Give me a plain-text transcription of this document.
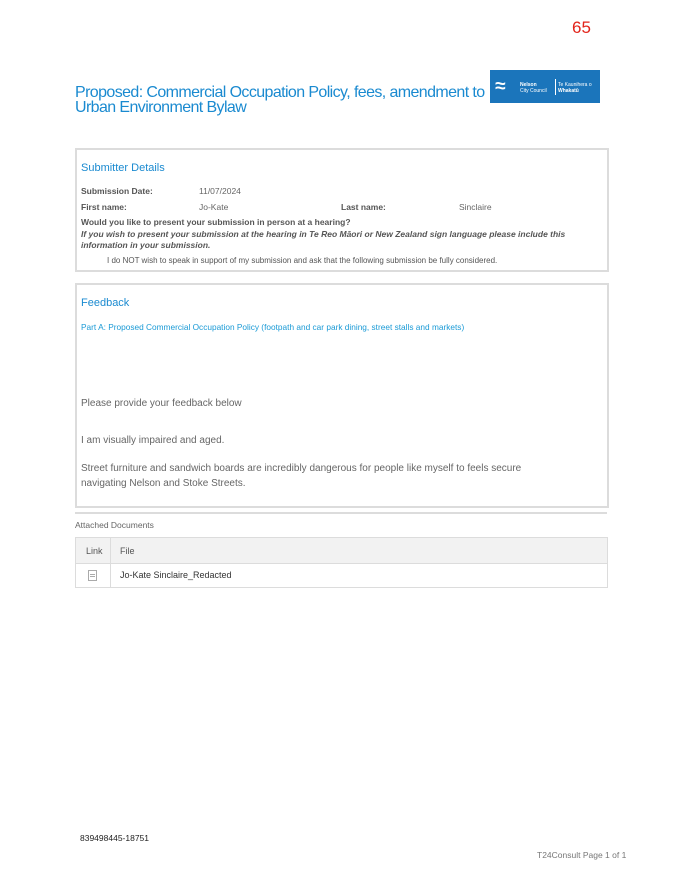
65
Proposed: Commercial Occupation Policy, fees, amendment to Urban Environment Bylaw
≈	Nelson
City Council
Te Kaunihera o
Whakatū
Submitter Details
Submission Date:	11/07/2024
First name:	Jo-Kate	Last name:	Sinclaire
Would you like to present your submission in person at a hearing?
If you wish to present your submission at the hearing in Te Reo Māori or New Zealand sign language please include this information in your submission.
I do NOT wish to speak in support of my submission and ask that the following submission be fully considered.
Feedback
Part A: Proposed Commercial Occupation Policy (footpath and car park dining, street stalls and markets)
Please provide your feedback below
I am visually impaired and aged.
Street furniture and sandwich boards are incredibly dangerous for people like myself to feels secure navigating Nelson and Stoke Streets.
Attached Documents
Link File
Jo-Kate Sinclaire_Redacted
839498445-18751
T24Consult Page 1 of 1
